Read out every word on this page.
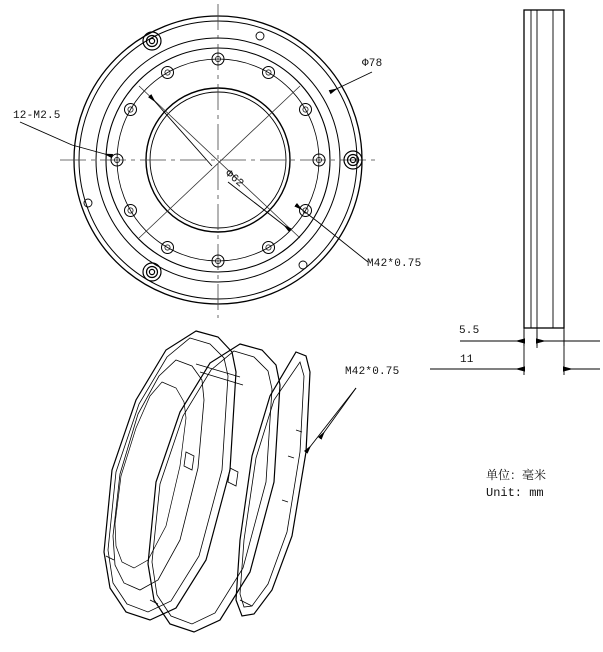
12-M2.5
Φ78
Φ62
M42*0.75
5.5
11
M42*0.75
单位：毫米
Unit: mm
